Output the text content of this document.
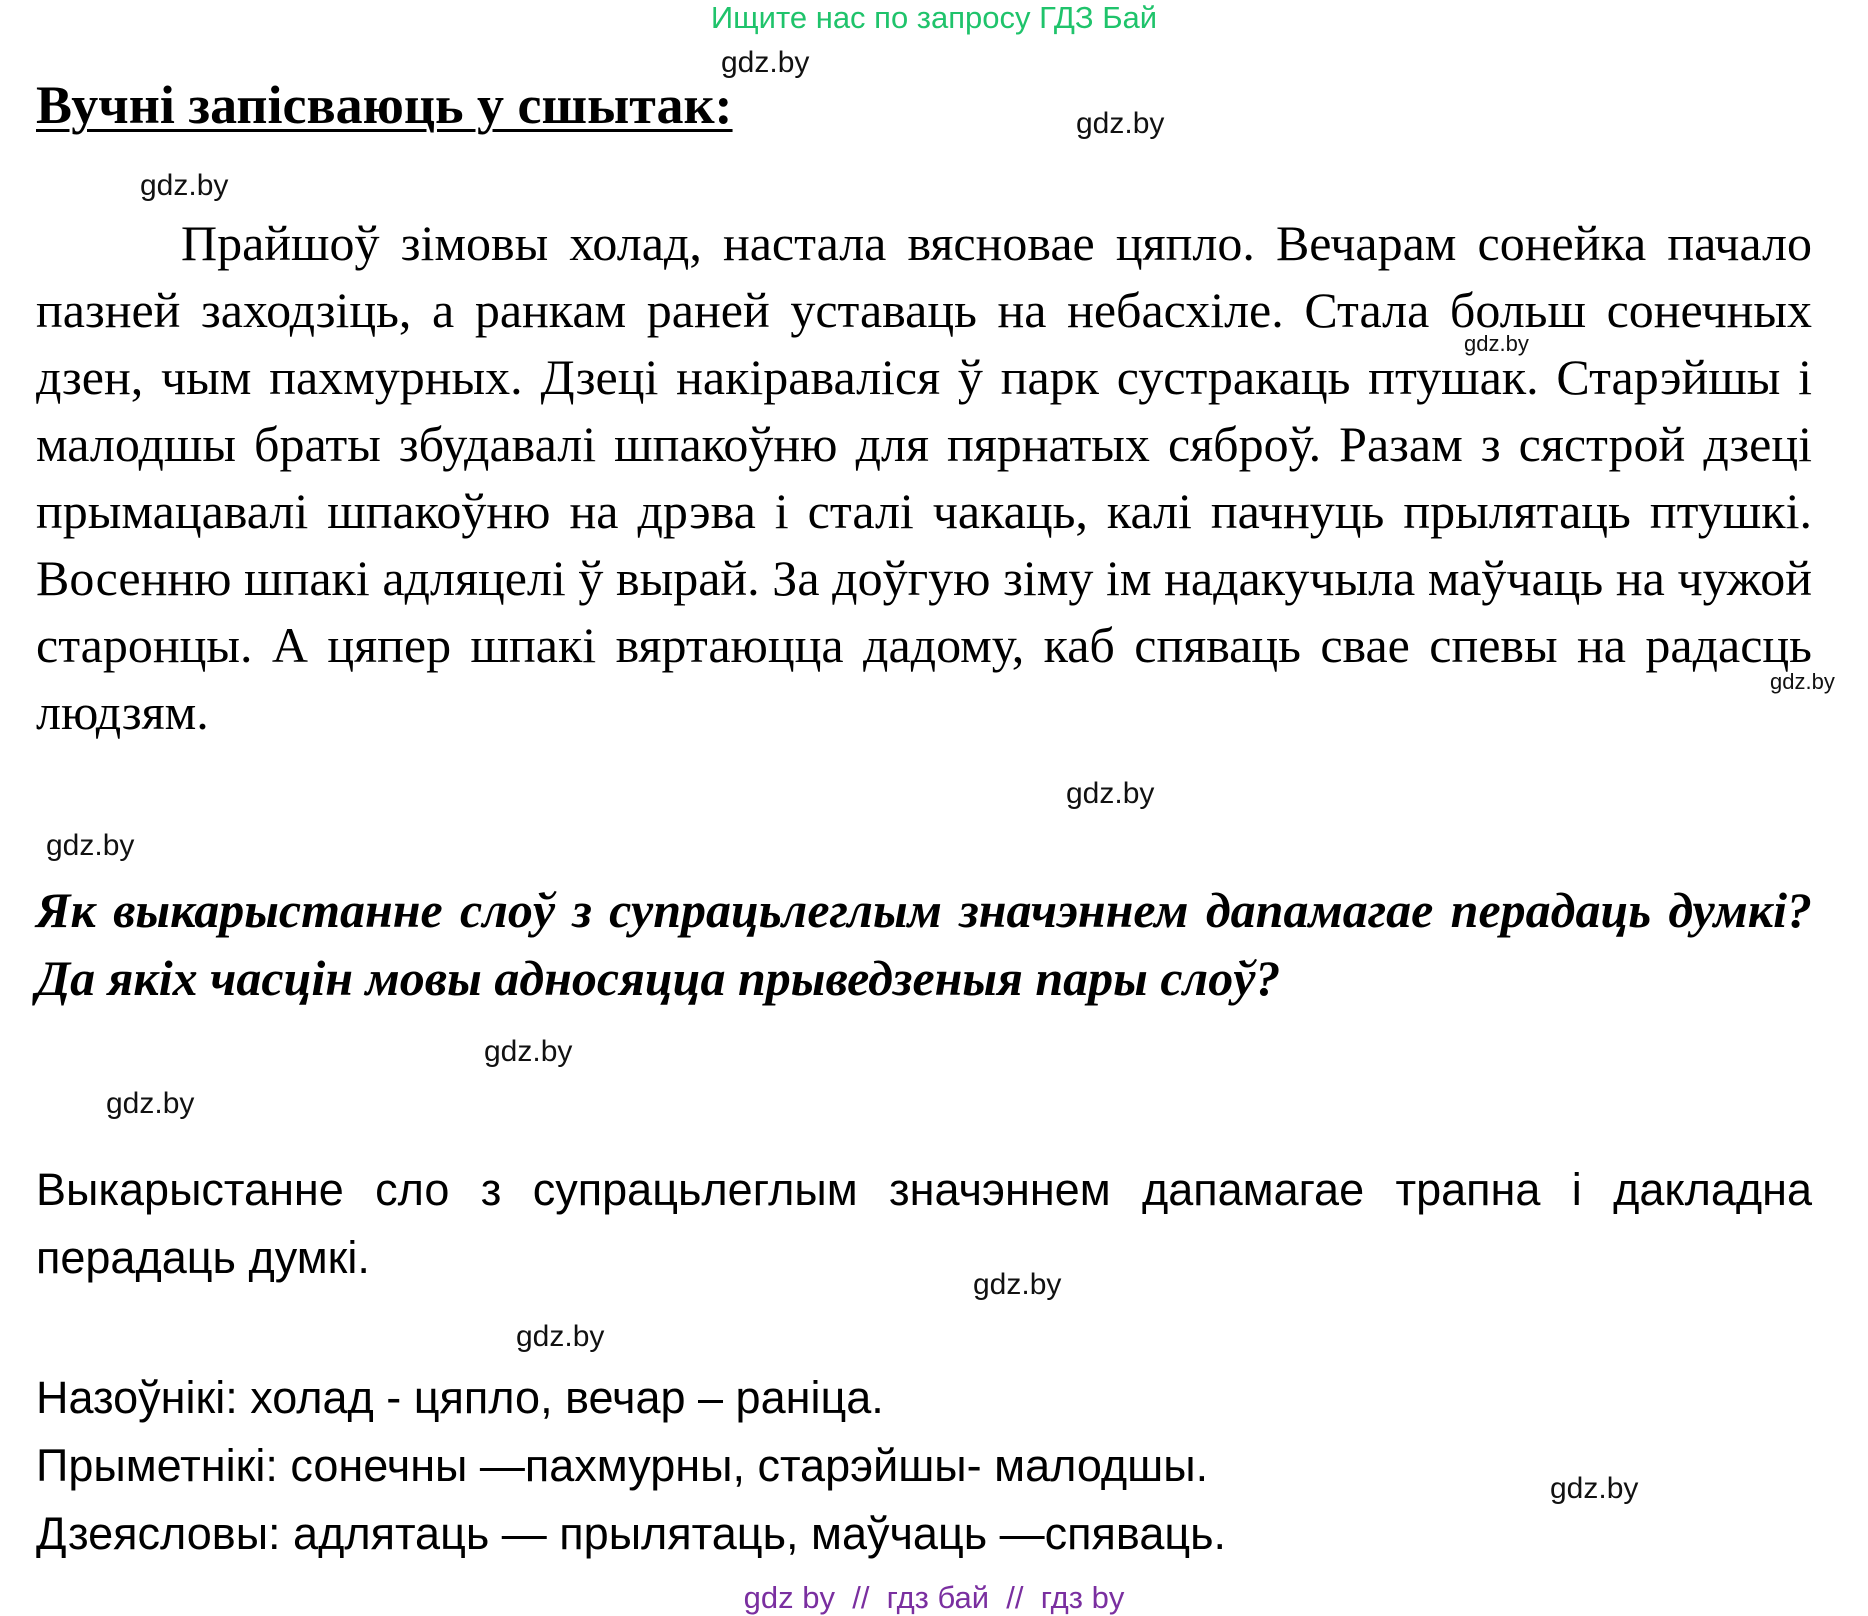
Ищите нас по запросу ГДЗ Бай
Вучні запісваюць у сшытак:
Прайшоў зімовы холад, настала вясновае цяпло. Вечарам сонейка пачало пазней заходзіць, а ранкам раней уставаць на небасхіле. Стала больш сонечных дзен, чым пахмурных. Дзеці накіраваліся ў парк сустракаць птушак. Старэйшы і малодшы браты збудавалі шпакоўню для пярнатых сяброў. Разам з сястрой дзеці прымацавалі шпакоўню на дрэва і сталі чакаць, калі пачнуць прылятаць птушкі. Восенню шпакі адляцелі ў вырай. За доўгую зіму ім надакучыла маўчаць на чужой старонцы. А цяпер шпакі вяртаюцца дадому, каб спяваць свае спевы на радасць людзям.
Як выкарыстанне слоў з супрацьлеглым значэннем дапамагае перадаць думкі? Да якіх часцін мовы адносяцца прыведзеныя пары слоў?
Выкарыстанне сло з супрацьлеглым значэннем дапамагае трапна і дакладна перадаць думкі.
Назоўнікі: холад - цяпло, вечар – раніца.
Прыметнікі: сонечны —пахмурны, старэйшы- малодшы.
Дзеясловы: адлятаць — прылятаць, маўчаць —спяваць.
gdz.by
gdz.by
gdz.by
gdz.by
gdz.by
gdz.by
gdz.by
gdz.by
gdz.by
gdz.by
gdz.by
gdz.by
gdz by  //  гдз бай  //  гдз by
